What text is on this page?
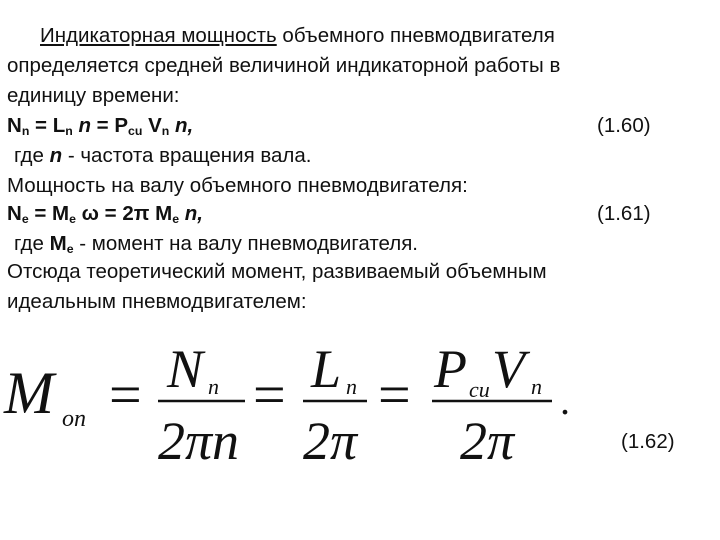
Индикаторная мощность объемного пневмодвигателя
определяется средней величиной индикаторной работы в
единицу времени:
$N_n = L_n$ $n = P_{cu}$ $V_n$ n,	(1.60)
где n - частота вращения вала.
Мощность на валу объемного пневмодвигателя:
$N_e = M_e$ ω = 2π $M_e$ n,	(1.61)
где $M_e$ - момент на валу пневмодвигателя.
Отсюда теоретический момент, развиваемый объемным
идеальным пневмодвигателем:
M оп = N n
2πn
= L n
2π
= P cu V n
2π
.
(1.62)
